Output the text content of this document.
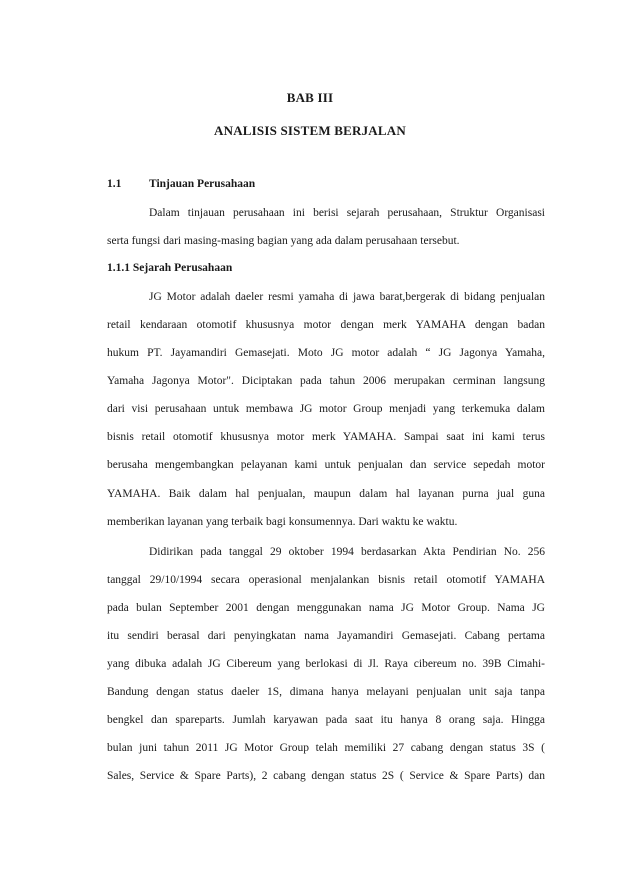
BAB III
ANALISIS SISTEM BERJALAN
1.1 Tinjauan Perusahaan
Dalam tinjauan perusahaan ini berisi sejarah perusahaan, Struktur Organisasi
serta fungsi dari masing-masing bagian yang ada dalam perusahaan tersebut.
1.1.1 Sejarah Perusahaan
JG Motor adalah daeler resmi yamaha di jawa barat,bergerak di bidang penjualan
retail kendaraan otomotif khususnya motor dengan merk YAMAHA dengan badan
hukum PT. Jayamandiri Gemasejati. Moto JG motor adalah “ JG Jagonya Yamaha,
Yamaha Jagonya Motor". Diciptakan pada tahun 2006 merupakan cerminan langsung
dari visi perusahaan untuk membawa JG motor Group menjadi yang terkemuka dalam
bisnis retail otomotif khususnya motor merk YAMAHA. Sampai saat ini kami terus
berusaha mengembangkan pelayanan kami untuk penjualan dan service sepedah motor
YAMAHA. Baik dalam hal penjualan, maupun dalam hal layanan purna jual guna
memberikan layanan yang terbaik bagi konsumennya. Dari waktu ke waktu.
Didirikan pada tanggal 29 oktober 1994 berdasarkan Akta Pendirian No. 256
tanggal 29/10/1994 secara operasional menjalankan bisnis retail otomotif YAMAHA
pada bulan September 2001 dengan menggunakan nama JG Motor Group. Nama JG
itu sendiri berasal dari penyingkatan nama Jayamandiri Gemasejati. Cabang pertama
yang dibuka adalah JG Cibereum yang berlokasi di Jl. Raya cibereum no. 39B Cimahi-
Bandung dengan status daeler 1S, dimana hanya melayani penjualan unit saja tanpa
bengkel dan spareparts. Jumlah karyawan pada saat itu hanya 8 orang saja. Hingga
bulan juni tahun 2011 JG Motor Group telah memiliki 27 cabang dengan status 3S (
Sales, Service & Spare Parts), 2 cabang dengan status 2S ( Service & Spare Parts) dan
